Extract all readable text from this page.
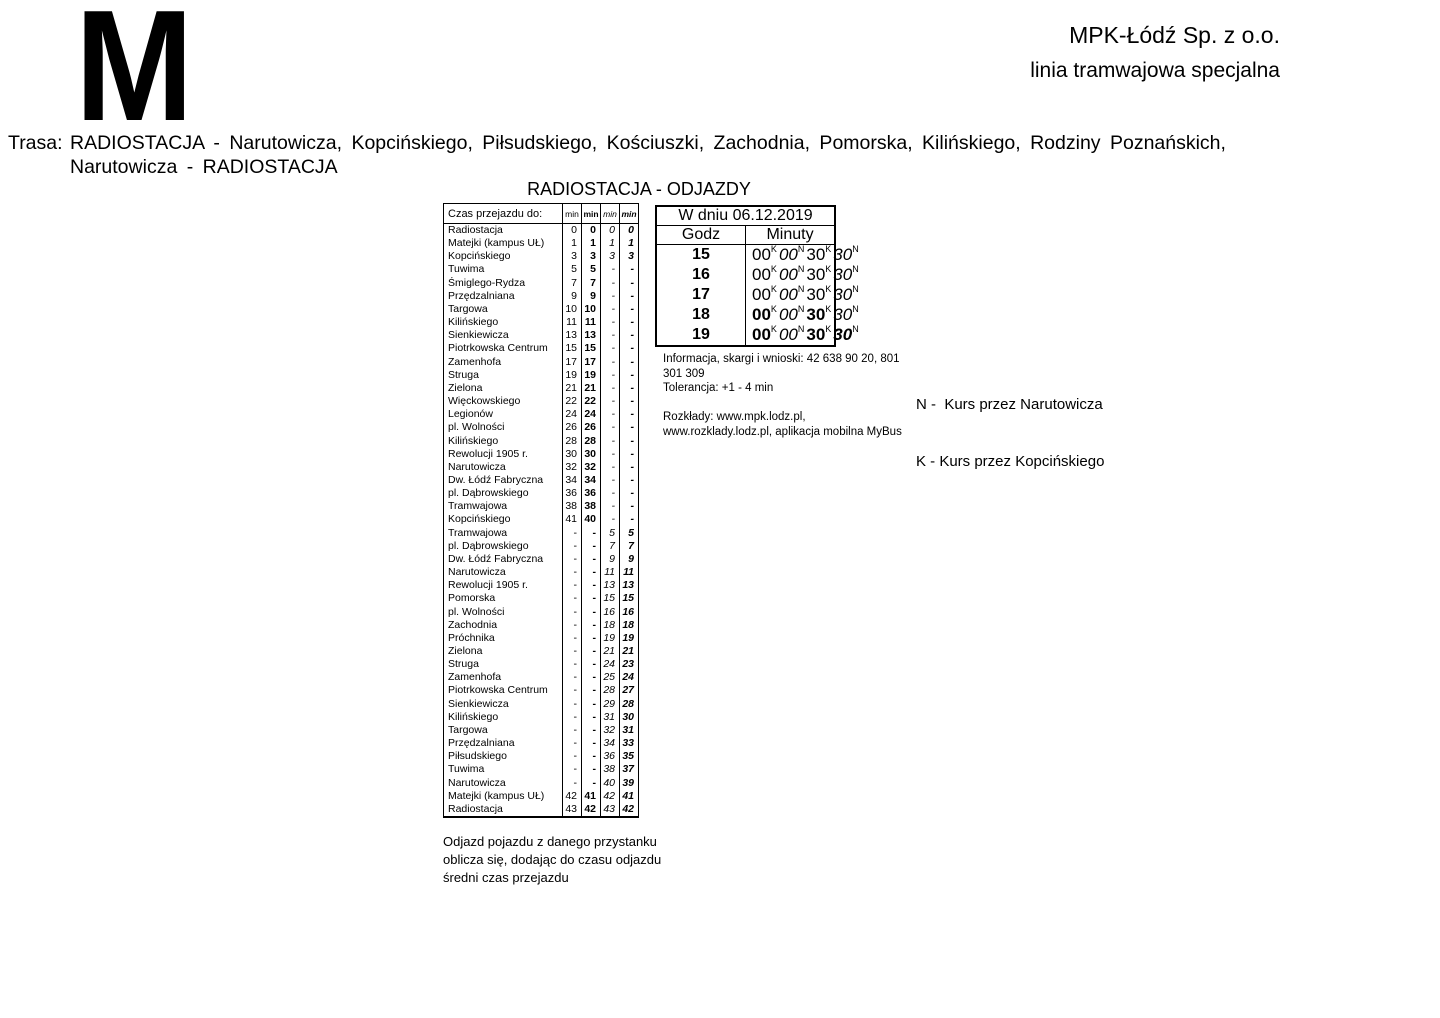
M	MPK-Łódź Sp. z o.o.
linia tramwajowa specjalna
Trasa: RADIOSTACJA - Narutowicza, Kopcińskiego, Piłsudskiego, Kościuszki, Zachodnia, Pomorska, Kilińskiego, Rodziny Poznańskich,
Narutowicza - RADIOSTACJA
RADIOSTACJA - ODJAZDY
Czas przejazdu do:	min	min	min	min
Radiostacja	0	0	0	0
Matejki (kampus UŁ)	1	1	1	1
Kopcińskiego	3	3	3	3
Tuwima	5	5	-	-
Śmiglego-Rydza	7	7	-	-
Przędzalniana	9	9	-	-
Targowa	10	10	-	-
Kilińskiego	11	11	-	-
Sienkiewicza	13	13	-	-
Piotrkowska Centrum	15	15	-	-
Zamenhofa	17	17	-	-
Struga	19	19	-	-
Zielona	21	21	-	-
Więckowskiego	22	22	-	-
Legionów	24	24	-	-
pl. Wolności	26	26	-	-
Kilińskiego	28	28	-	-
Rewolucji 1905 r.	30	30	-	-
Narutowicza	32	32	-	-
Dw. Łódź Fabryczna	34	34	-	-
pl. Dąbrowskiego	36	36	-	-
Tramwajowa	38	38	-	-
Kopcińskiego	41	40	-	-
Tramwajowa	-	-	5	5
pl. Dąbrowskiego	-	-	7	7
Dw. Łódź Fabryczna	-	-	9	9
Narutowicza	-	-	11	11
Rewolucji 1905 r.	-	-	13	13
Pomorska	-	-	15	15
pl. Wolności	-	-	16	16
Zachodnia	-	-	18	18
Próchnika	-	-	19	19
Zielona	-	-	21	21
Struga	-	-	24	23
Zamenhofa	-	-	25	24
Piotrkowska Centrum	-	-	28	27
Sienkiewicza	-	-	29	28
Kilińskiego	-	-	31	30
Targowa	-	-	32	31
Przędzalniana	-	-	34	33
Piłsudskiego	-	-	36	35
Tuwima	-	-	38	37
Narutowicza	-	-	40	39
Matejki (kampus UŁ)	42	41	42	41
Radiostacja	43	42	43	42
W dniu 06.12.2019	
Godz	Minuty
15	$00^K$ $00^N$ $30^K$ $30^N$
16	$00^K$ $00^N$ $30^K$ $30^N$
17	$00^K$ $00^N$ $30^K$ $30^N$
18	$00^K$ $00^N$ $30^K$ $30^N$
19	$00^K$ $00^N$ $30^K$ $30^N$

N -  Kurs przez Narutowicza

K - Kurs przez Kopcińskiego

Informacja, skargi i wnioski: 42 638 90 20, 801
301 309
Tolerancja: +1 - 4 min

Rozkłady: www.mpk.lodz.pl,
www.rozklady.lodz.pl, aplikacja mobilna MyBus
Odjazd pojazdu z danego przystanku
oblicza się, dodając do czasu odjazdu
średni czas przejazdu
